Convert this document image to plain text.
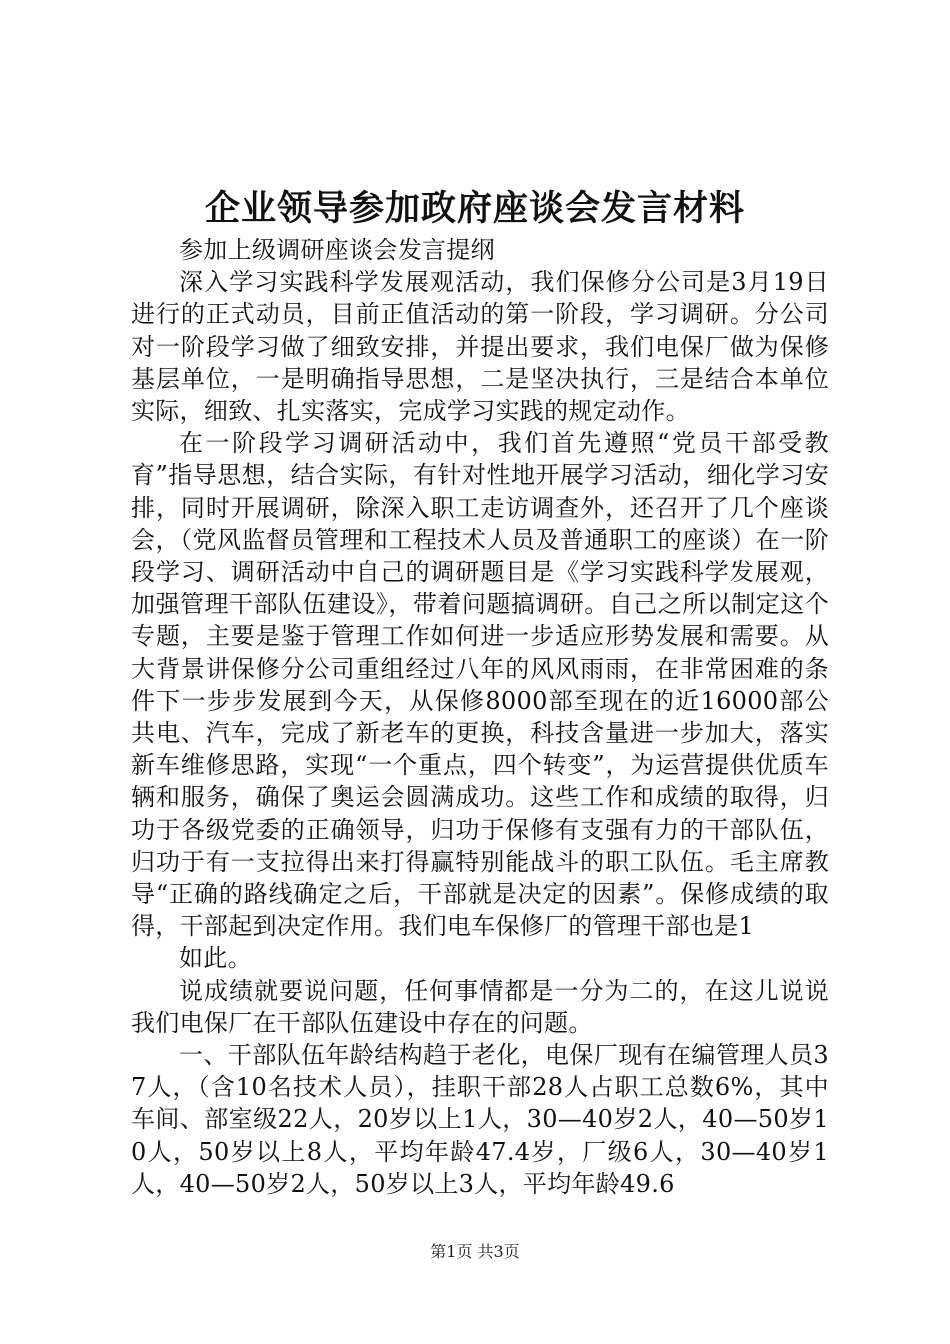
企业领导参加政府座谈会发言材料

参加上级调研座谈会发言提纲

深入学习实践科学发展观活动，我们保修分公司是3月19日进行的正式动员，目前正值活动的第一阶段，学习调研。分公司对一阶段学习做了细致安排，并提出要求，我们电保厂做为保修基层单位，一是明确指导思想，二是坚决执行，三是结合本单位实际，细致、扎实落实，完成学习实践的规定动作。

在一阶段学习调研活动中，我们首先遵照“党员干部受教育”指导思想，结合实际，有针对性地开展学习活动，细化学习安排，同时开展调研，除深入职工走访调查外，还召开了几个座谈会，（党风监督员管理和工程技术人员及普通职工的座谈）在一阶段学习、调研活动中自己的调研题目是《学习实践科学发展观，加强管理干部队伍建设》，带着问题搞调研。自己之所以制定这个专题，主要是鉴于管理工作如何进一步适应形势发展和需要。从大背景讲保修分公司重组经过八年的风风雨雨，在非常困难的条件下一步步发展到今天，从保修8000部至现在的近16000部公共电、汽车，完成了新老车的更换，科技含量进一步加大，落实新车维修思路，实现“一个重点，四个转变”，为运营提供优质车辆和服务，确保了奥运会圆满成功。这些工作和成绩的取得，归功于各级党委的正确领导，归功于保修有支强有力的干部队伍，归功于有一支拉得出来打得赢特别能战斗的职工队伍。毛主席教导“正确的路线确定之后，干部就是决定的因素”。保修成绩的取得，干部起到决定作用。我们电车保修厂的管理干部也是1

如此。

说成绩就要说问题，任何事情都是一分为二的，在这儿说说我们电保厂在干部队伍建设中存在的问题。

一、干部队伍年龄结构趋于老化，电保厂现有在编管理人员37人，（含10名技术人员），挂职干部28人占职工总数6%，其中车间、部室级22人，20岁以上1人，30—40岁2人，40—50岁10人，50岁以上8人，平均年龄47.4岁，厂级6人，30—40岁1人，40—50岁2人，50岁以上3人，平均年龄49.6

第1页 共3页
